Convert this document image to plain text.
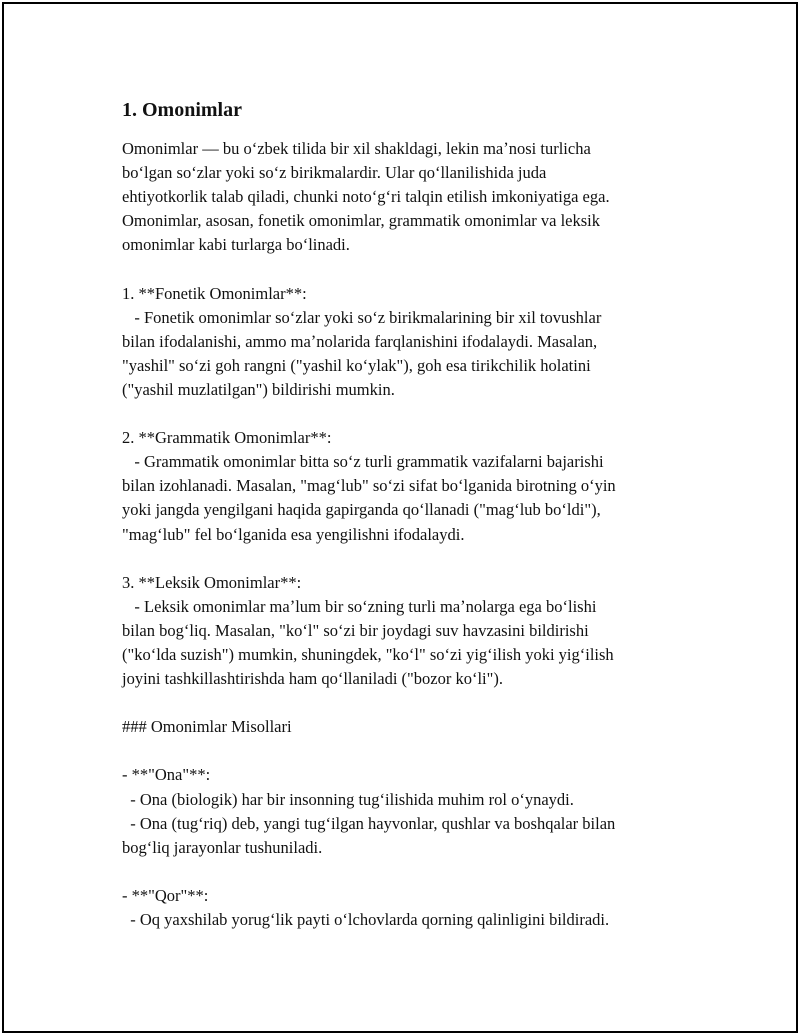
1. Omonimlar
Omonimlar — bu oʻzbek tilida bir xil shakldagi, lekin maʼnosi turlicha
boʻlgan soʻzlar yoki soʻz birikmalardir. Ular qoʻllanilishida juda
ehtiyotkorlik talab qiladi, chunki notoʻgʻri talqin etilish imkoniyatiga ega.
Omonimlar, asosan, fonetik omonimlar, grammatik omonimlar va leksik
omonimlar kabi turlarga boʻlinadi.
1. **Fonetik Omonimlar**:
- Fonetik omonimlar soʻzlar yoki soʻz birikmalarining bir xil tovushlar
bilan ifodalanishi, ammo maʼnolarida farqlanishini ifodalaydi. Masalan,
"yashil" soʻzi goh rangni ("yashil koʻylak"), goh esa tirikchilik holatini
("yashil muzlatilgan") bildirishi mumkin.
2. **Grammatik Omonimlar**:
- Grammatik omonimlar bitta soʻz turli grammatik vazifalarni bajarishi
bilan izohlanadi. Masalan, "magʻlub" soʻzi sifat boʻlganida birotning oʻyin
yoki jangda yengilgani haqida gapirganda qoʻllanadi ("magʻlub boʻldi"),
"magʻlub" fel boʻlganida esa yengilishni ifodalaydi.
3. **Leksik Omonimlar**:
- Leksik omonimlar maʼlum bir soʻzning turli maʼnolarga ega boʻlishi
bilan bogʻliq. Masalan, "koʻl" soʻzi bir joydagi suv havzasini bildirishi
("koʻlda suzish") mumkin, shuningdek, "koʻl" soʻzi yigʻilish yoki yigʻilish
joyini tashkillashtirishda ham qoʻllaniladi ("bozor koʻli").
### Omonimlar Misollari
- **"Ona"**:
- Ona (biologik) har bir insonning tugʻilishida muhim rol oʻynaydi.
- Ona (tugʻriq) deb, yangi tugʻilgan hayvonlar, qushlar va boshqalar bilan
bogʻliq jarayonlar tushuniladi.
- **"Qor"**:
- Oq yaxshilab yorugʻlik payti oʻlchovlarda qorning qalinligini bildiradi.
